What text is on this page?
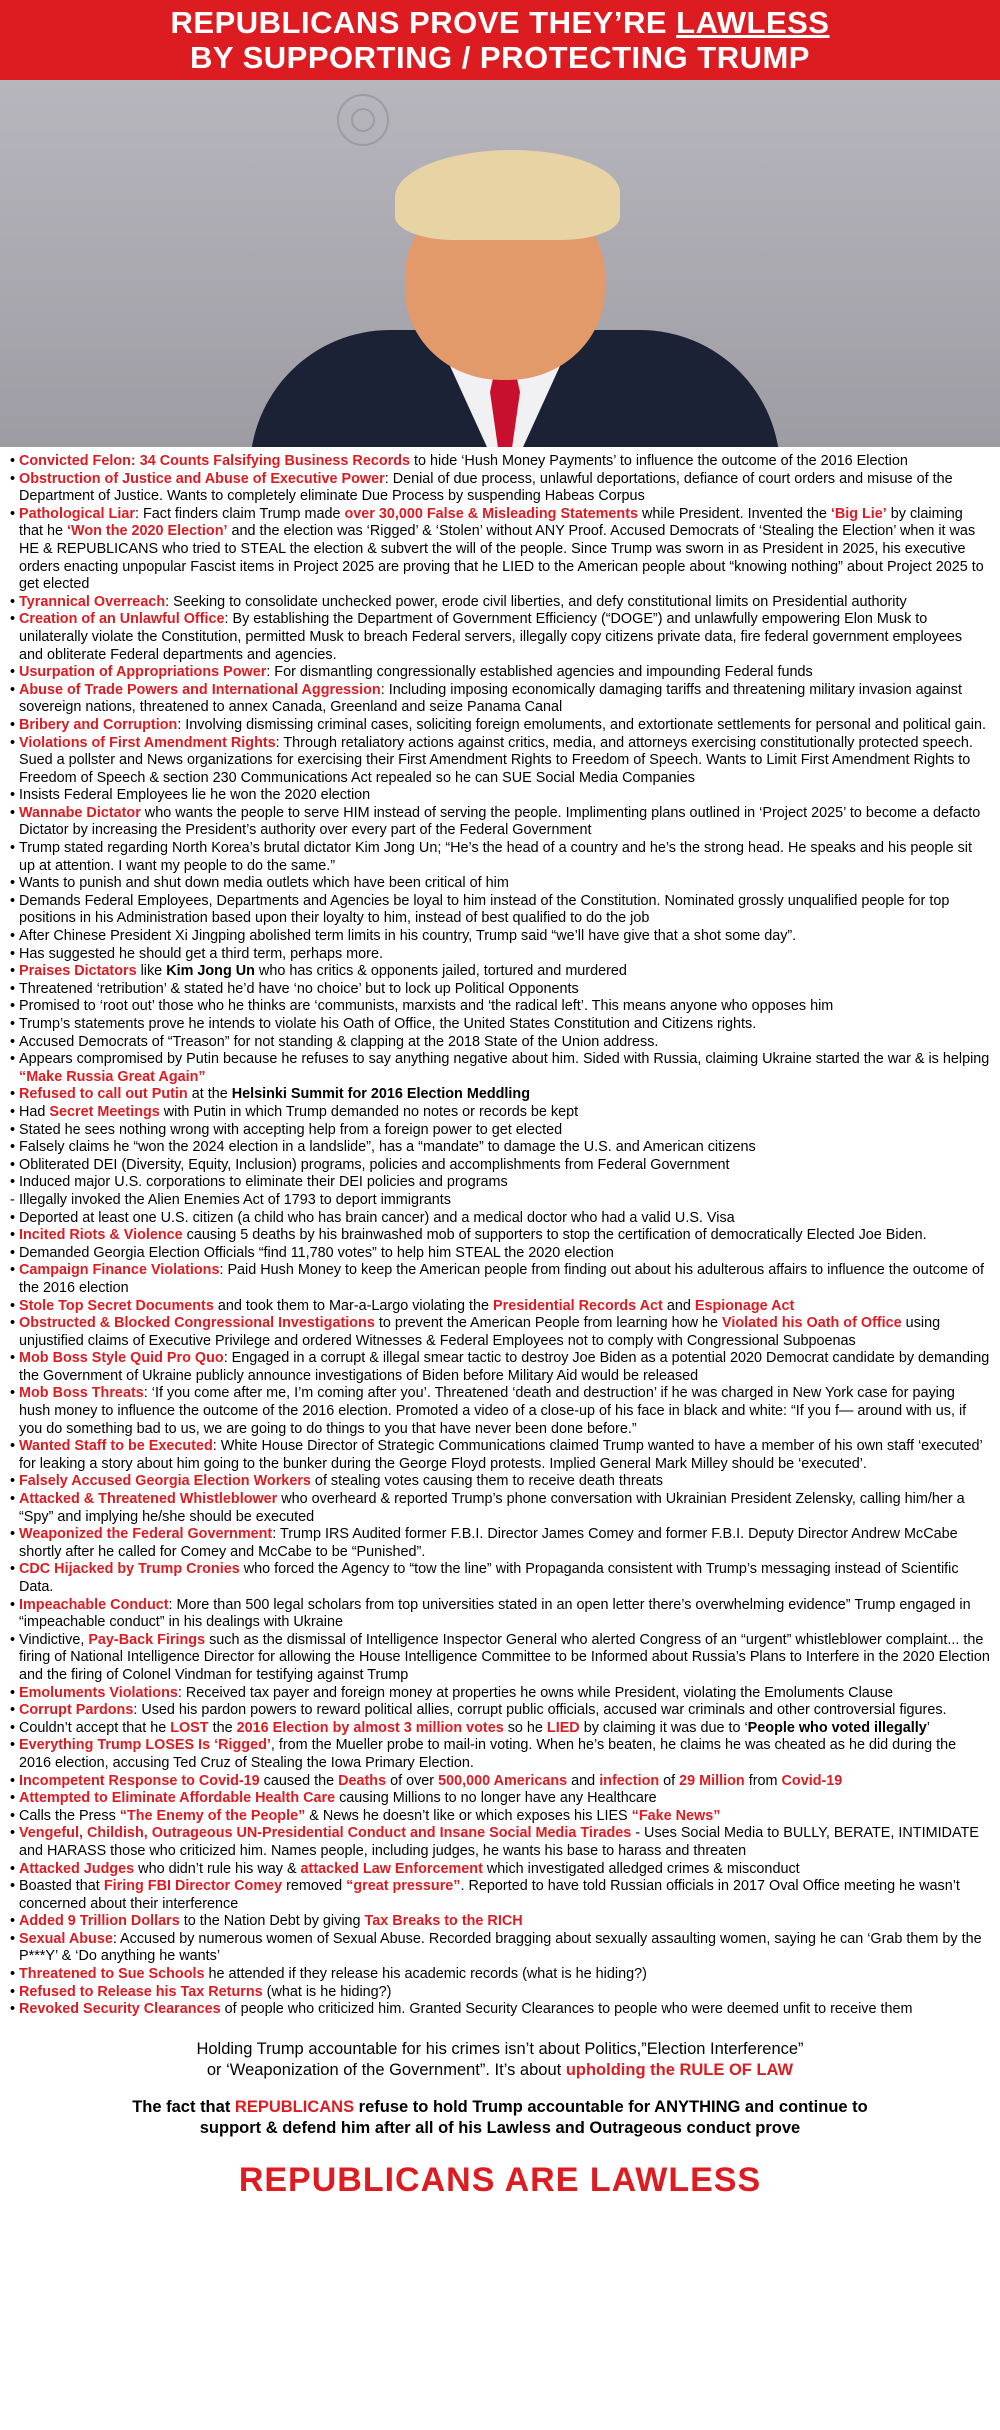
REPUBLICANS PROVE THEY’RE LAWLESS
BY SUPPORTING / PROTECTING TRUMP
• Convicted Felon: 34 Counts Falsifying Business Records to hide ‘Hush Money Payments’ to influence the outcome of the 2016 Election
• Obstruction of Justice and Abuse of Executive Power: Denial of due process, unlawful deportations, defiance of court orders and misuse of the Department of Justice. Wants to completely eliminate Due Process by suspending Habeas Corpus
• Pathological Liar: Fact finders claim Trump made over 30,000 False & Misleading Statements while President. Invented the ‘Big Lie’ by claiming that he ‘Won the 2020 Election’ and the election was ‘Rigged’ & ‘Stolen’ without ANY Proof. Accused Democrats of ‘Stealing the Election’ when it was HE & REPUBLICANS who tried to STEAL the election & subvert the will of the people. Since Trump was sworn in as President in 2025, his executive orders enacting unpopular Fascist items in Project 2025 are proving that he LIED to the American people about “knowing nothing” about Project 2025 to get elected
• Tyrannical Overreach: Seeking to consolidate unchecked power, erode civil liberties, and defy constitutional limits on Presidential authority
• Creation of an Unlawful Office: By establishing the Department of Government Efficiency (“DOGE”) and unlawfully empowering Elon Musk to unilaterally violate the Constitution, permitted Musk to breach Federal servers, illegally copy citizens private data, fire federal government employees and obliterate Federal departments and agencies.
• Usurpation of Appropriations Power: For dismantling congressionally established agencies and impounding Federal funds
• Abuse of Trade Powers and International Aggression: Including imposing economically damaging tariffs and threatening military invasion against sovereign nations, threatened to annex Canada, Greenland and seize Panama Canal
• Bribery and Corruption: Involving dismissing criminal cases, soliciting foreign emoluments, and extortionate settlements for personal and political gain.
• Violations of First Amendment Rights: Through retaliatory actions against critics, media, and attorneys exercising constitutionally protected speech. Sued a pollster and News organizations for exercising their First Amendment Rights to Freedom of Speech. Wants to Limit First Amendment Rights to Freedom of Speech & section 230 Communications Act repealed so he can SUE Social Media Companies
• Insists Federal Employees lie he won the 2020 election
• Wannabe Dictator who wants the people to serve HIM instead of serving the people. Implimenting plans outlined in ‘Project 2025’ to become a defacto Dictator by increasing the President’s authority over every part of the Federal Government
• Trump stated regarding North Korea’s brutal dictator Kim Jong Un; “He’s the head of a country and he’s the strong head. He speaks and his people sit up at attention. I want my people to do the same.”
• Wants to punish and shut down media outlets which have been critical of him
• Demands Federal Employees, Departments and Agencies be loyal to him instead of the Constitution. Nominated grossly unqualified people for top positions in his Administration based upon their loyalty to him, instead of best qualified to do the job
• After Chinese President Xi Jingping abolished term limits in his country, Trump said “we’ll have give that a shot some day”.
• Has suggested he should get a third term, perhaps more.
• Praises Dictators like Kim Jong Un who has critics & opponents jailed, tortured and murdered
• Threatened ‘retribution’ & stated he’d have ‘no choice’ but to lock up Political Opponents
• Promised to ‘root out’ those who he thinks are ‘communists, marxists and ‘the radical left’. This means anyone who opposes him
• Trump’s statements prove he intends to violate his Oath of Office, the United States Constitution and Citizens rights.
• Accused Democrats of “Treason” for not standing & clapping at the 2018 State of the Union address.
• Appears compromised by Putin because he refuses to say anything negative about him. Sided with Russia, claiming Ukraine started the war & is helping “Make Russia Great Again”
• Refused to call out Putin at the Helsinki Summit for 2016 Election Meddling
• Had Secret Meetings with Putin in which Trump demanded no notes or records be kept
• Stated he sees nothing wrong with accepting help from a foreign power to get elected
• Falsely claims he “won the 2024 election in a landslide”, has a “mandate” to damage the U.S. and American citizens
• Obliterated DEI (Diversity, Equity, Inclusion) programs, policies and accomplishments from Federal Government
• Induced major U.S. corporations to eliminate their DEI policies and programs
- Illegally invoked the Alien Enemies Act of 1793 to deport immigrants
• Deported at least one U.S. citizen (a child who has brain cancer) and a medical doctor who had a valid U.S. Visa
• Incited Riots & Violence causing 5 deaths by his brainwashed mob of supporters to stop the certification of democratically Elected Joe Biden.
• Demanded Georgia Election Officials “find 11,780 votes” to help him STEAL the 2020 election
• Campaign Finance Violations: Paid Hush Money to keep the American people from finding out about his adulterous affairs to influence the outcome of the 2016 election
• Stole Top Secret Documents and took them to Mar-a-Largo violating the Presidential Records Act and Espionage Act
• Obstructed & Blocked Congressional Investigations to prevent the American People from learning how he Violated his Oath of Office using unjustified claims of Executive Privilege and ordered Witnesses & Federal Employees not to comply with Congressional Subpoenas
• Mob Boss Style Quid Pro Quo: Engaged in a corrupt & illegal smear tactic to destroy Joe Biden as a potential 2020 Democrat candidate by demanding the Government of Ukraine publicly announce investigations of Biden before Military Aid would be released
• Mob Boss Threats: ‘If you come after me, I’m coming after you’. Threatened ‘death and destruction’ if he was charged in New York case for paying hush money to influence the outcome of the 2016 election. Promoted a video of a close-up of his face in black and white: “If you f— around with us, if you do something bad to us, we are going to do things to you that have never been done before.”
• Wanted Staff to be Executed: White House Director of Strategic Communications claimed Trump wanted to have a member of his own staff ‘executed’ for leaking a story about him going to the bunker during the George Floyd protests. Implied General Mark Milley should be ‘executed’.
• Falsely Accused Georgia Election Workers of stealing votes causing them to receive death threats
• Attacked & Threatened Whistleblower who overheard & reported Trump’s phone conversation with Ukrainian President Zelensky, calling him/her a “Spy” and implying he/she should be executed
• Weaponized the Federal Government: Trump IRS Audited former F.B.I. Director James Comey and former F.B.I. Deputy Director Andrew McCabe shortly after he called for Comey and McCabe to be “Punished”.
• CDC Hijacked by Trump Cronies who forced the Agency to “tow the line” with Propaganda consistent with Trump’s messaging instead of Scientific Data.
• Impeachable Conduct: More than 500 legal scholars from top universities stated in an open letter there’s overwhelming evidence” Trump engaged in “impeachable conduct” in his dealings with Ukraine
• Vindictive, Pay-Back Firings such as the dismissal of Intelligence Inspector General who alerted Congress of an “urgent” whistleblower complaint... the firing of National Intelligence Director for allowing the House Intelligence Committee to be Informed about Russia’s Plans to Interfere in the 2020 Election and the firing of Colonel Vindman for testifying against Trump
• Emoluments Violations: Received tax payer and foreign money at properties he owns while President, violating the Emoluments Clause
• Corrupt Pardons: Used his pardon powers to reward political allies, corrupt public officials, accused war criminals and other controversial figures.
• Couldn’t accept that he LOST the 2016 Election by almost 3 million votes so he LIED by claiming it was due to ‘People who voted illegally’
• Everything Trump LOSES Is ‘Rigged’, from the Mueller probe to mail-in voting. When he’s beaten, he claims he was cheated as he did during the 2016 election, accusing Ted Cruz of Stealing the Iowa Primary Election.
• Incompetent Response to Covid-19 caused the Deaths of over 500,000 Americans and infection of 29 Million from Covid-19
• Attempted to Eliminate Affordable Health Care causing Millions to no longer have any Healthcare
• Calls the Press “The Enemy of the People” & News he doesn’t like or which exposes his LIES “Fake News”
• Vengeful, Childish, Outrageous UN-Presidential Conduct and Insane Social Media Tirades - Uses Social Media to BULLY, BERATE, INTIMIDATE and HARASS those who criticized him. Names people, including judges, he wants his base to harass and threaten
• Attacked Judges who didn’t rule his way & attacked Law Enforcement which investigated alledged crimes & misconduct
• Boasted that Firing FBI Director Comey removed “great pressure”. Reported to have told Russian officials in 2017 Oval Office meeting he wasn’t concerned about their interference
• Added 9 Trillion Dollars to the Nation Debt by giving Tax Breaks to the RICH
• Sexual Abuse: Accused by numerous women of Sexual Abuse. Recorded bragging about sexually assaulting women, saying he can ‘Grab them by the P***Y’ & ‘Do anything he wants’
• Threatened to Sue Schools he attended if they release his academic records (what is he hiding?)
• Refused to Release his Tax Returns (what is he hiding?)
• Revoked Security Clearances of people who criticized him. Granted Security Clearances to people who were deemed unfit to receive them
Holding Trump accountable for his crimes isn’t about Politics,”Election Interference”
or ‘Weaponization of the Government”. It’s about upholding the RULE OF LAW
The fact that REPUBLICANS refuse to hold Trump accountable for ANYTHING and continue to
support & defend him after all of his Lawless and Outrageous conduct prove
REPUBLICANS ARE LAWLESS
